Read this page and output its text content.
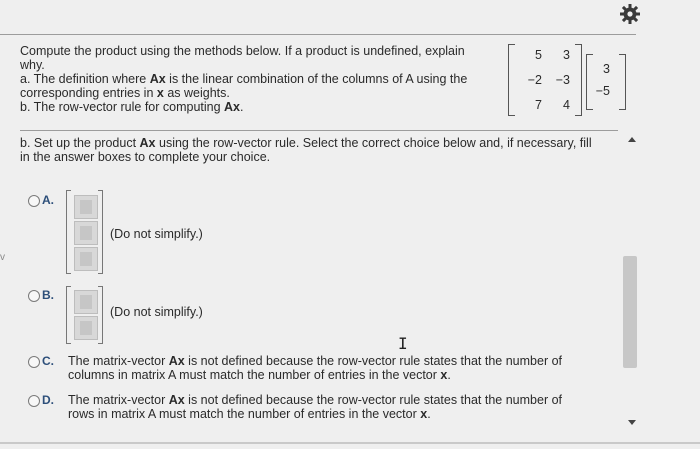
Compute the product using the methods below. If a product is undefined, explain
why.
a. The definition where Ax is the linear combination of the columns of A using the
corresponding entries in x as weights.
b. The row-vector rule for computing Ax.
5	3
−2	−3
7	4
3
−5
b. Set up the product Ax using the row-vector rule. Select the correct choice below and, if necessary, fill
in the answer boxes to complete your choice.
v
A.
(Do not simplify.)
B.
(Do not simplify.)
I
C. The matrix-vector Ax is not defined because the row-vector rule states that the number of
columns in matrix A must match the number of entries in the vector x.
D. The matrix-vector Ax is not defined because the row-vector rule states that the number of
rows in matrix A must match the number of entries in the vector x.
